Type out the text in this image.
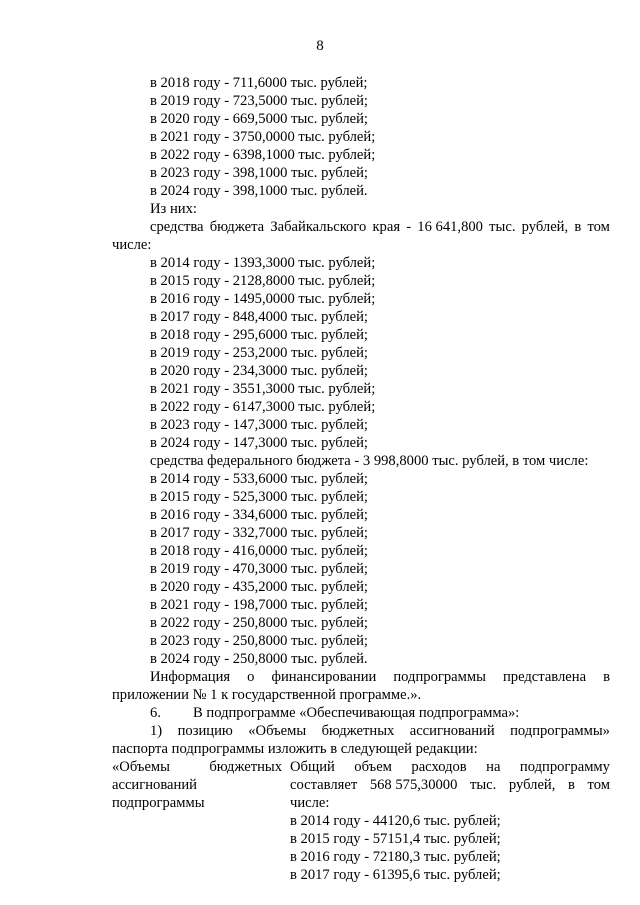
8
в 2018 году - 711,6000 тыс. рублей;
в 2019 году - 723,5000 тыс. рублей;
в 2020 году - 669,5000 тыс. рублей;
в 2021 году - 3750,0000 тыс. рублей;
в 2022 году - 6398,1000 тыс. рублей;
в 2023 году - 398,1000 тыс. рублей;
в 2024 году - 398,1000 тыс. рублей.
Из них:
средства бюджета Забайкальского края - 16 641,800 тыс. рублей, в том
числе:
в 2014 году - 1393,3000 тыс. рублей;
в 2015 году - 2128,8000 тыс. рублей;
в 2016 году - 1495,0000 тыс. рублей;
в 2017 году - 848,4000 тыс. рублей;
в 2018 году - 295,6000 тыс. рублей;
в 2019 году - 253,2000 тыс. рублей;
в 2020 году - 234,3000 тыс. рублей;
в 2021 году - 3551,3000 тыс. рублей;
в 2022 году - 6147,3000 тыс. рублей;
в 2023 году - 147,3000 тыс. рублей;
в 2024 году - 147,3000 тыс. рублей;
средства федерального бюджета - 3 998,8000 тыс. рублей, в том числе:
в 2014 году - 533,6000 тыс. рублей;
в 2015 году - 525,3000 тыс. рублей;
в 2016 году - 334,6000 тыс. рублей;
в 2017 году - 332,7000 тыс. рублей;
в 2018 году - 416,0000 тыс. рублей;
в 2019 году - 470,3000 тыс. рублей;
в 2020 году - 435,2000 тыс. рублей;
в 2021 году - 198,7000 тыс. рублей;
в 2022 году - 250,8000 тыс. рублей;
в 2023 году - 250,8000 тыс. рублей;
в 2024 году - 250,8000 тыс. рублей.
Информация о финансировании подпрограммы представлена в
приложении № 1 к государственной программе.».
6. В подпрограмме «Обеспечивающая подпрограмма»:
1) позицию «Объемы бюджетных ассигнований подпрограммы»
паспорта подпрограммы изложить в следующей редакции:
«Объемы	бюджетных
ассигнований
подпрограммы
Общий объем расходов на подпрограмму
составляет 568 575,30000 тыс. рублей, в том
числе:
в 2014 году - 44120,6 тыс. рублей;
в 2015 году - 57151,4 тыс. рублей;
в 2016 году - 72180,3 тыс. рублей;
в 2017 году - 61395,6 тыс. рублей;
